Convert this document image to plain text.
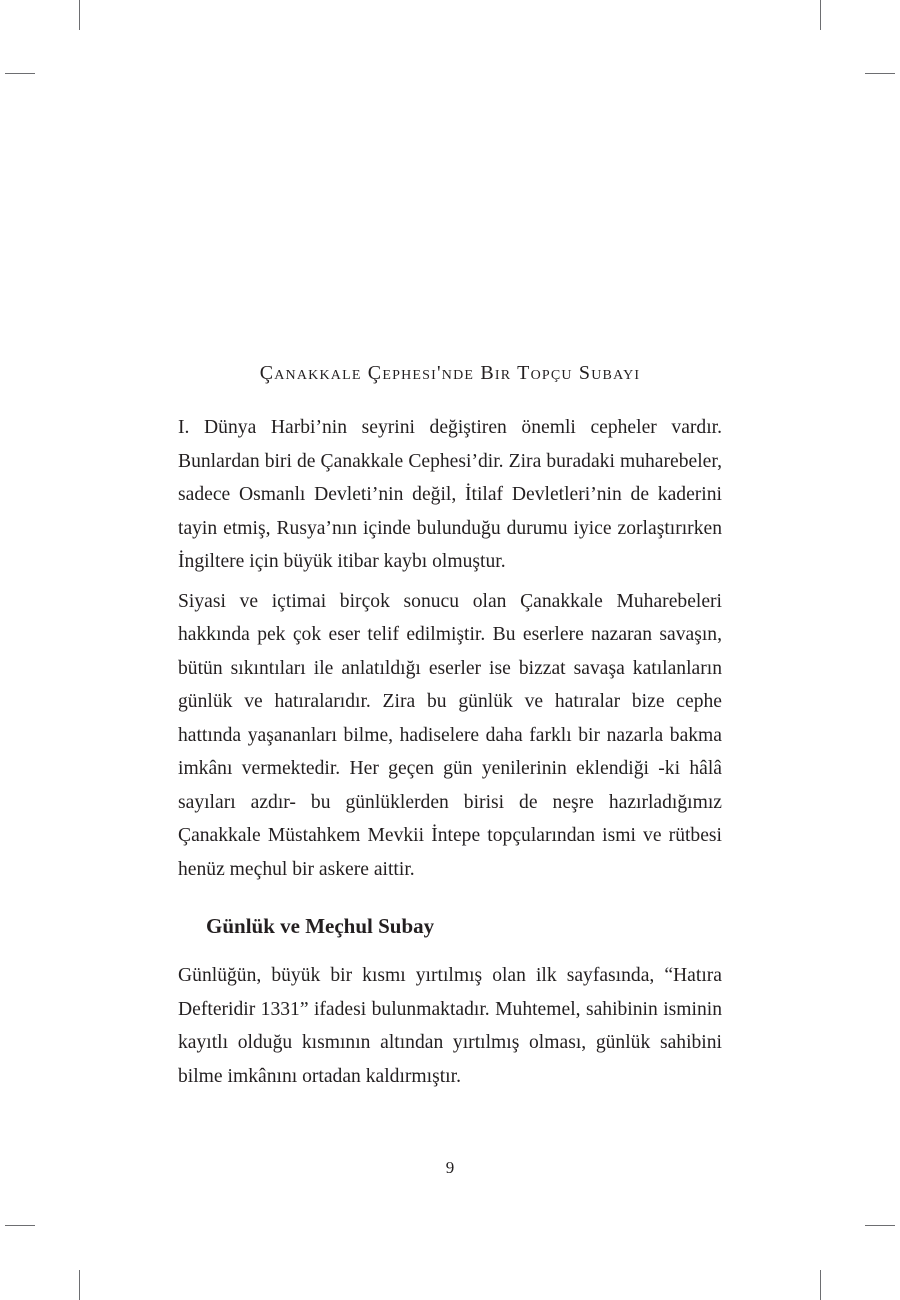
Çanakkale Çephesi'nde Bir Topçu Subayı

I. Dünya Harbi’nin seyrini değiştiren önemli cepheler vardır. Bunlardan biri de Çanakkale Cephesi’dir. Zira buradaki muharebeler, sadece Osmanlı Devleti’nin değil, İtilaf Devletleri’nin de kaderini tayin etmiş, Rusya’nın içinde bulunduğu durumu iyice zorlaştırırken İngiltere için büyük itibar kaybı olmuştur.

Siyasi ve içtimai birçok sonucu olan Çanakkale Muharebeleri hakkında pek çok eser telif edilmiştir. Bu eserlere nazaran savaşın, bütün sıkıntıları ile anlatıldığı eserler ise bizzat savaşa katılanların günlük ve hatıralarıdır. Zira bu günlük ve hatıralar bize cephe hattında yaşananları bilme, hadiselere daha farklı bir nazarla bakma imkânı vermektedir. Her geçen gün yenilerinin eklendiği -ki hâlâ sayıları azdır- bu günlüklerden birisi de neşre hazırladığımız Çanakkale Müstahkem Mevkii İntepe topçularından ismi ve rütbesi henüz meçhul bir askere aittir.

Günlük ve Meçhul Subay

Günlüğün, büyük bir kısmı yırtılmış olan ilk sayfasında, “Hatıra Defteridir 1331” ifadesi bulunmaktadır. Muhtemel, sahibinin isminin kayıtlı olduğu kısmının altından yırtılmış olması, günlük sahibini bilme imkânını ortadan kaldırmıştır.

9
